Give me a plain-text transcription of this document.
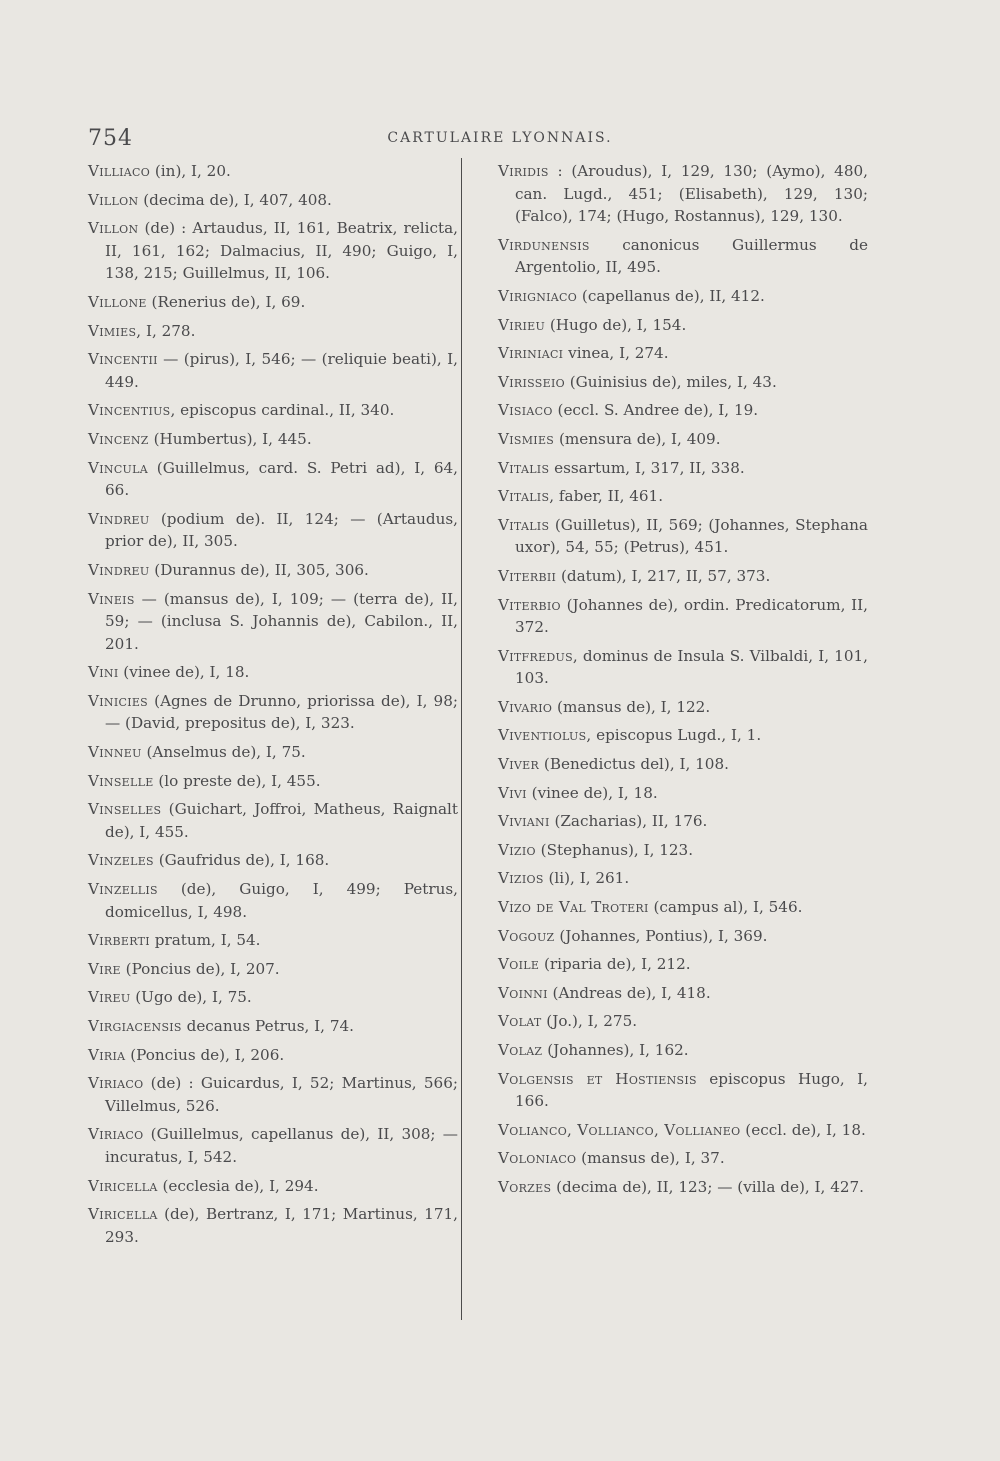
754	CARTULAIRE LYONNAIS.

Villiaco (in), I, 20.

Villon (decima de), I, 407, 408.

Villon (de) : Artaudus, II, 161, Beatrix, relicta, II, 161, 162; Dalmacius, II, 490; Guigo, I, 138, 215; Guillelmus, II, 106.

Villone (Renerius de), I, 69.

Vimies, I, 278.

Vincentii — (pirus), I, 546; — (reliquie beati), I, 449.

Vincentius, episcopus cardinal., II, 340.

Vincenz (Humbertus), I, 445.

Vincula (Guillelmus, card. S. Petri ad), I, 64, 66.

Vindreu (podium de). II, 124; — (Artaudus, prior de), II, 305.

Vindreu (Durannus de), II, 305, 306.

Vineis — (mansus de), I, 109; — (terra de), II, 59; — (inclusa S. Johannis de), Cabilon., II, 201.

Vini (vinee de), I, 18.

Vinicies (Agnes de Drunno, priorissa de), I, 98; — (David, prepositus de), I, 323.

Vinneu (Anselmus de), I, 75.

Vinselle (lo preste de), I, 455.

Vinselles (Guichart, Joffroi, Matheus, Raignalt de), I, 455.

Vinzeles (Gaufridus de), I, 168.

Vinzellis (de), Guigo, I, 499; Petrus, domicellus, I, 498.

Virberti pratum, I, 54.

Vire (Poncius de), I, 207.

Vireu (Ugo de), I, 75.

Virgiacensis decanus Petrus, I, 74.

Viria (Poncius de), I, 206.

Viriaco (de) : Guicardus, I, 52; Martinus, 566; Villelmus, 526.

Viriaco (Guillelmus, capellanus de), II, 308; — incuratus, I, 542.

Viricella (ecclesia de), I, 294.

Viricella (de), Bertranz, I, 171; Martinus, 171, 293.

Viridis : (Aroudus), I, 129, 130; (Aymo), 480, can. Lugd., 451; (Elisabeth), 129, 130; (Falco), 174; (Hugo, Rostannus), 129, 130.

Virdunensis canonicus Guillermus de Argentolio, II, 495.

Virigniaco (capellanus de), II, 412.

Virieu (Hugo de), I, 154.

Viriniaci vinea, I, 274.

Virisseio (Guinisius de), miles, I, 43.

Visiaco (eccl. S. Andree de), I, 19.

Vismies (mensura de), I, 409.

Vitalis essartum, I, 317, II, 338.

Vitalis, faber, II, 461.

Vitalis (Guilletus), II, 569; (Johannes, Stephana uxor), 54, 55; (Petrus), 451.

Viterbii (datum), I, 217, II, 57, 373.

Viterbio (Johannes de), ordin. Predicatorum, II, 372.

Vitfredus, dominus de Insula S. Vilbaldi, I, 101, 103.

Vivario (mansus de), I, 122.

Viventiolus, episcopus Lugd., I, 1.

Viver (Benedictus del), I, 108.

Vivi (vinee de), I, 18.

Viviani (Zacharias), II, 176.

Vizio (Stephanus), I, 123.

Vizios (li), I, 261.

Vizo de Val Troteri (campus al), I, 546.

Vogouz (Johannes, Pontius), I, 369.

Voile (riparia de), I, 212.

Voinni (Andreas de), I, 418.

Volat (Jo.), I, 275.

Volaz (Johannes), I, 162.

Volgensis et Hostiensis episcopus Hugo, I, 166.

Volianco, Vollianco, Vollianeo (eccl. de), I, 18.

Voloniaco (mansus de), I, 37.

Vorzes (decima de), II, 123; — (villa de), I, 427.
